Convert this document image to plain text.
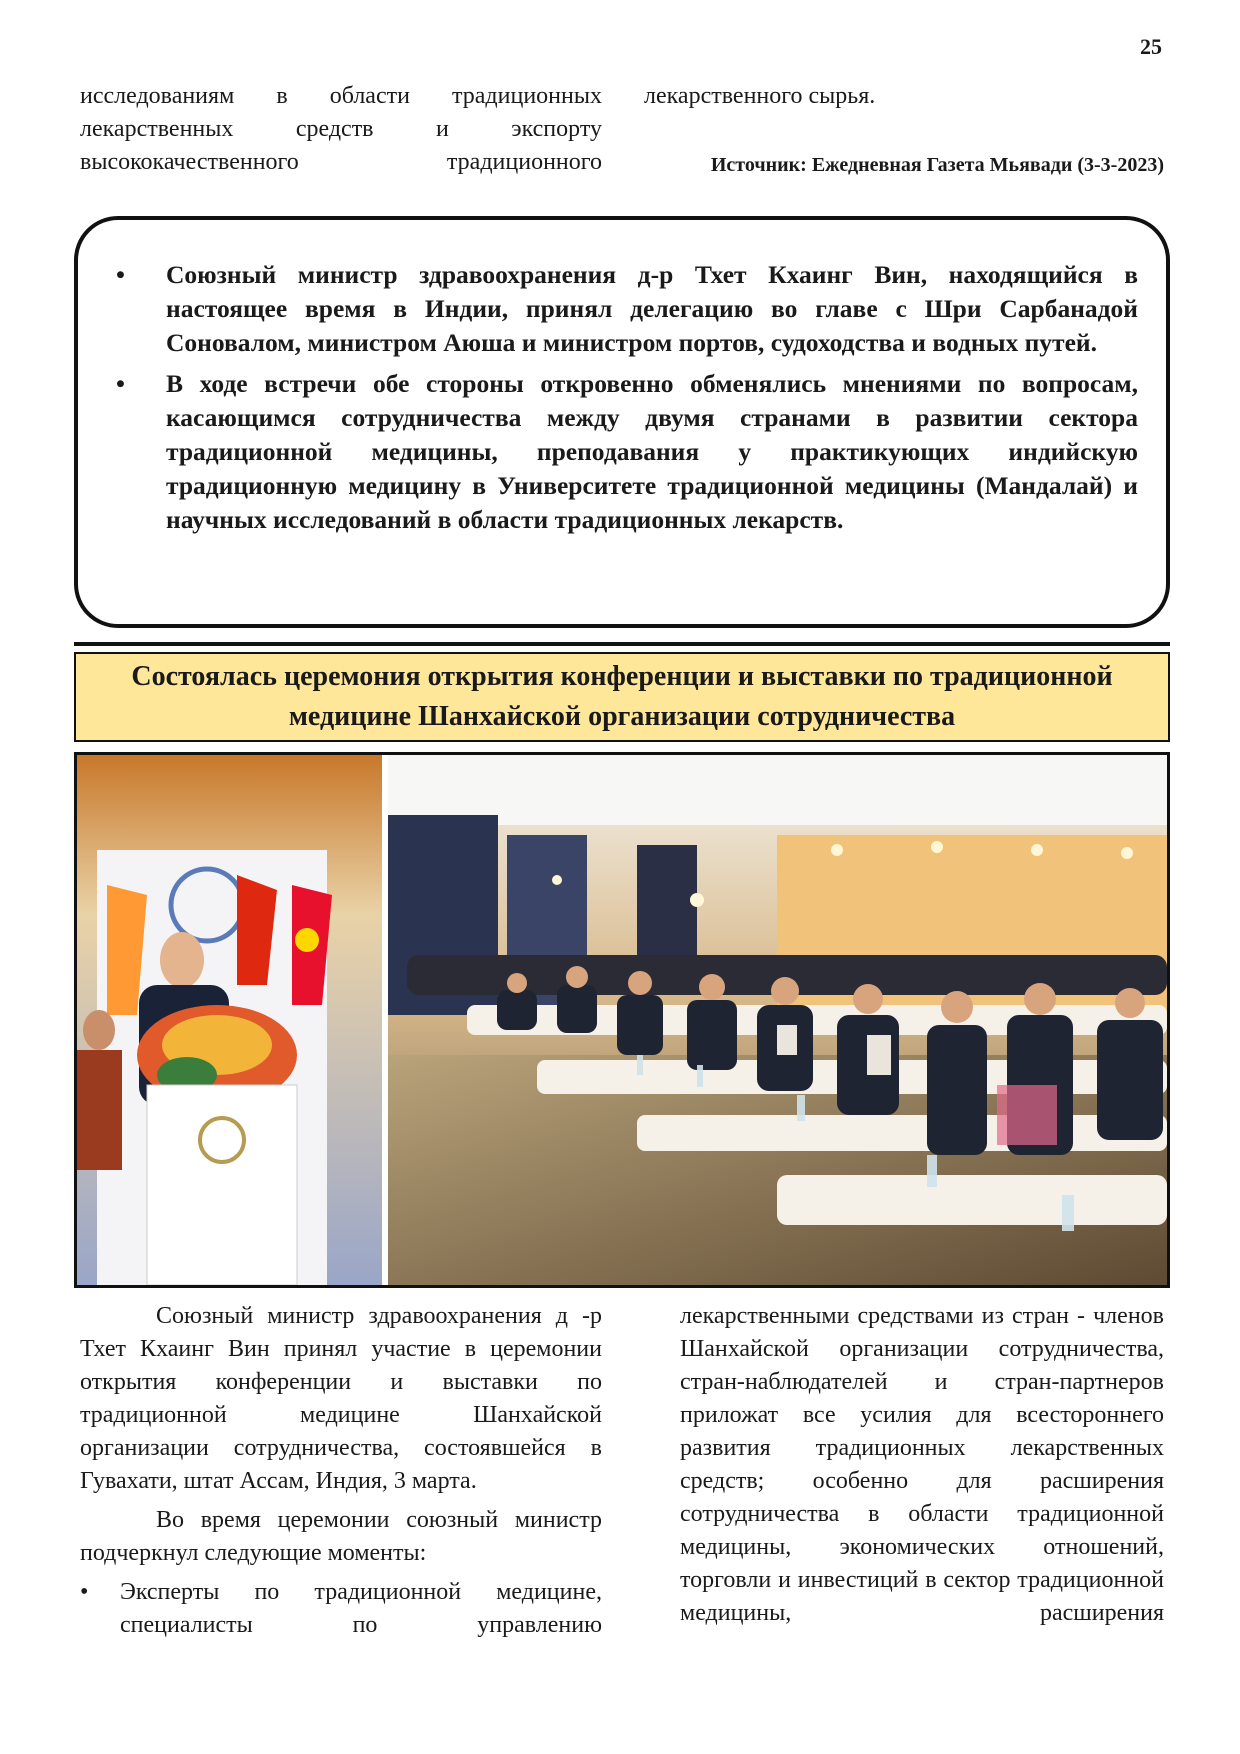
25

исследованиям в области традиционных лекарственных средств и экспорту высококачественного традиционного

лекарственного сырья.

Источник: Ежедневная Газета Мьявади (3-3-2023)
• Союзный министр здравоохранения д-р Тхет Кхаинг Вин, находящийся в настоящее время в Индии, принял делегацию во главе с Шри Сарбанадой Соновалом, министром Аюша и министром портов, судоходства и водных путей.
• В ходе встречи обе стороны откровенно обменялись мнениями по вопросам, касающимся сотрудничества между двумя странами в развитии сектора традиционной медицины, преподавания у практикующих индийскую традиционную медицину в Университете традиционной медицины (Мандалай) и научных исследований в области традиционных лекарств.
Состоялась церемония открытия конференции и выставки по традиционной медицине Шанхайской организации сотрудничества

Союзный министр здравоохранения д -р Тхет Кхаинг Вин принял участие в церемонии открытия конференции и выставки по традиционной медицине Шанхайской организации сотрудничества, состоявшейся в Гувахати, штат Ассам, Индия, 3 марта.

Во время церемонии союзный министр подчеркнул следующие моменты:

• Эксперты по традиционной медицине, специалисты по управлению

лекарственными средствами из стран - членов Шанхайской организации сотрудничества, стран-наблюдателей и стран-партнеров приложат все усилия для всестороннего развития традиционных лекарственных средств; особенно для расширения сотрудничества в области традиционной медицины, экономических отношений, торговли и инвестиций в сектор традиционной медицины, расширения
